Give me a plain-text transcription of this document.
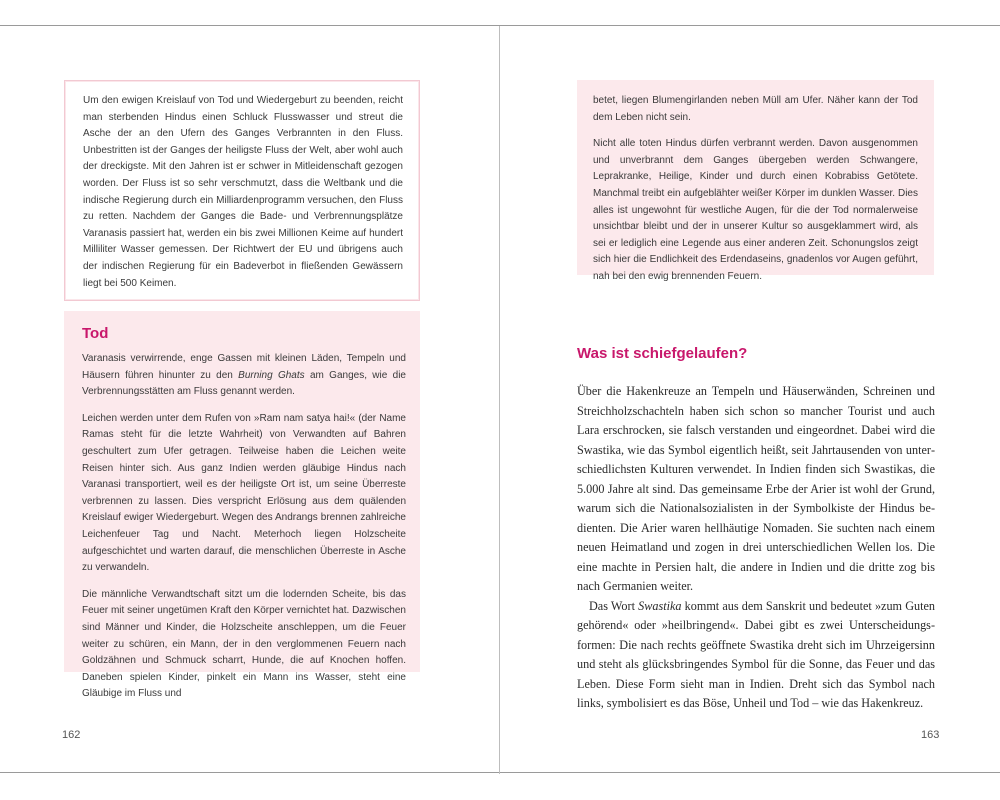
Um den ewigen Kreislauf von Tod und Wiedergeburt zu beenden, reicht man sterbenden Hindus einen Schluck Flusswasser und streut die Asche der an den Ufern des Ganges Verbrannten in den Fluss. Unbestritten ist der Ganges der heiligste Fluss der Welt, aber wohl auch der dreckigste. Mit den Jahren ist er schwer in Mitleidenschaft gezogen worden. Der Fluss ist so sehr verschmutzt, dass die Weltbank und die indische Regierung durch ein Milliardenprogramm versuchen, den Fluss zu retten. Nachdem der Ganges die Bade- und Verbrennungsplätze Varanasis passiert hat, werden ein bis zwei Millionen Keime auf hundert Milliliter Wasser gemessen. Der Richtwert der EU und übrigens auch der indischen Regierung für ein Badeverbot in fließenden Gewässern liegt bei 500 Keimen.

Tod

Varanasis verwirrende, enge Gassen mit kleinen Läden, Tempeln und Häusern führen hinunter zu den Burning Ghats am Ganges, wie die Verbrennungsstätten am Fluss genannt werden.

Leichen werden unter dem Rufen von »Ram nam satya hai!« (der Name Ramas steht für die letzte Wahrheit) von Verwandten auf Bahren geschultert zum Ufer getragen. Teilweise haben die Leichen weite Reisen hinter sich. Aus ganz Indien werden gläubige Hindus nach Varanasi transportiert, weil es der heiligste Ort ist, um seine Überreste verbrennen zu lassen. Dies verspricht Erlösung aus dem quälenden Kreislauf ewiger Wiedergeburt. Wegen des Andrangs brennen zahlreiche Leichenfeuer Tag und Nacht. Meterhoch liegen Holzscheite aufgeschichtet und warten darauf, die menschlichen Überreste in Asche zu verwandeln.

Die männliche Verwandtschaft sitzt um die lodernden Scheite, bis das Feuer mit seiner ungetümen Kraft den Körper vernichtet hat. Dazwischen sind Männer und Kinder, die Holzscheite anschleppen, um die Feuer weiter zu schüren, ein Mann, der in den verglommenen Feuern nach Goldzähnen und Schmuck scharrt, Hunde, die auf Knochen hoffen. Daneben spielen Kinder, pinkelt ein Mann ins Wasser, steht eine Gläubige im Fluss und

162

betet, liegen Blumengirlanden neben Müll am Ufer. Näher kann der Tod dem Leben nicht sein.

Nicht alle toten Hindus dürfen verbrannt werden. Davon ausgenommen und unverbrannt dem Ganges übergeben werden Schwangere, Leprakranke, Heilige, Kinder und durch einen Kobrabiss Getötete. Manchmal treibt ein aufgeblähter weißer Körper im dunklen Wasser. Dies alles ist ungewohnt für westliche Augen, für die der Tod normalerweise unsichtbar bleibt und der in unserer Kultur so ausgeklammert wird, als sei er lediglich eine Legende aus einer anderen Zeit. Schonungslos zeigt sich hier die Endlichkeit des Erdendaseins, gnadenlos vor Augen geführt, nah bei den ewig brennenden Feuern.

Was ist schiefgelaufen?

Über die Hakenkreuze an Tempeln und Häuserwänden, Schreinen und Streichholzschachteln haben sich schon so mancher Tourist und auch Lara erschrocken, sie falsch verstanden und eingeordnet. Dabei wird die Swastika, wie das Symbol eigentlich heißt, seit Jahrtausenden von unterschiedlichsten Kulturen verwendet. In Indien finden sich Swastikas, die 5.000 Jahre alt sind. Das gemeinsame Erbe der Arier ist wohl der Grund, warum sich die Nationalsozialisten in der Symbolkiste der Hindus bedienten. Die Arier waren hellhäutige Nomaden. Sie suchten nach einem neuen Heimatland und zogen in drei unterschiedlichen Wellen los. Die eine machte in Persien halt, die andere in Indien und die dritte zog bis nach Germanien weiter.

Das Wort Swastika kommt aus dem Sanskrit und bedeutet »zum Guten gehörend« oder »heilbringend«. Dabei gibt es zwei Unterscheidungsformen: Die nach rechts geöffnete Swastika dreht sich im Uhrzeigersinn und steht als glücksbringendes Symbol für die Sonne, das Feuer und das Leben. Diese Form sieht man in Indien. Dreht sich das Symbol nach links, symbolisiert es das Böse, Unheil und Tod – wie das Hakenkreuz.

163
